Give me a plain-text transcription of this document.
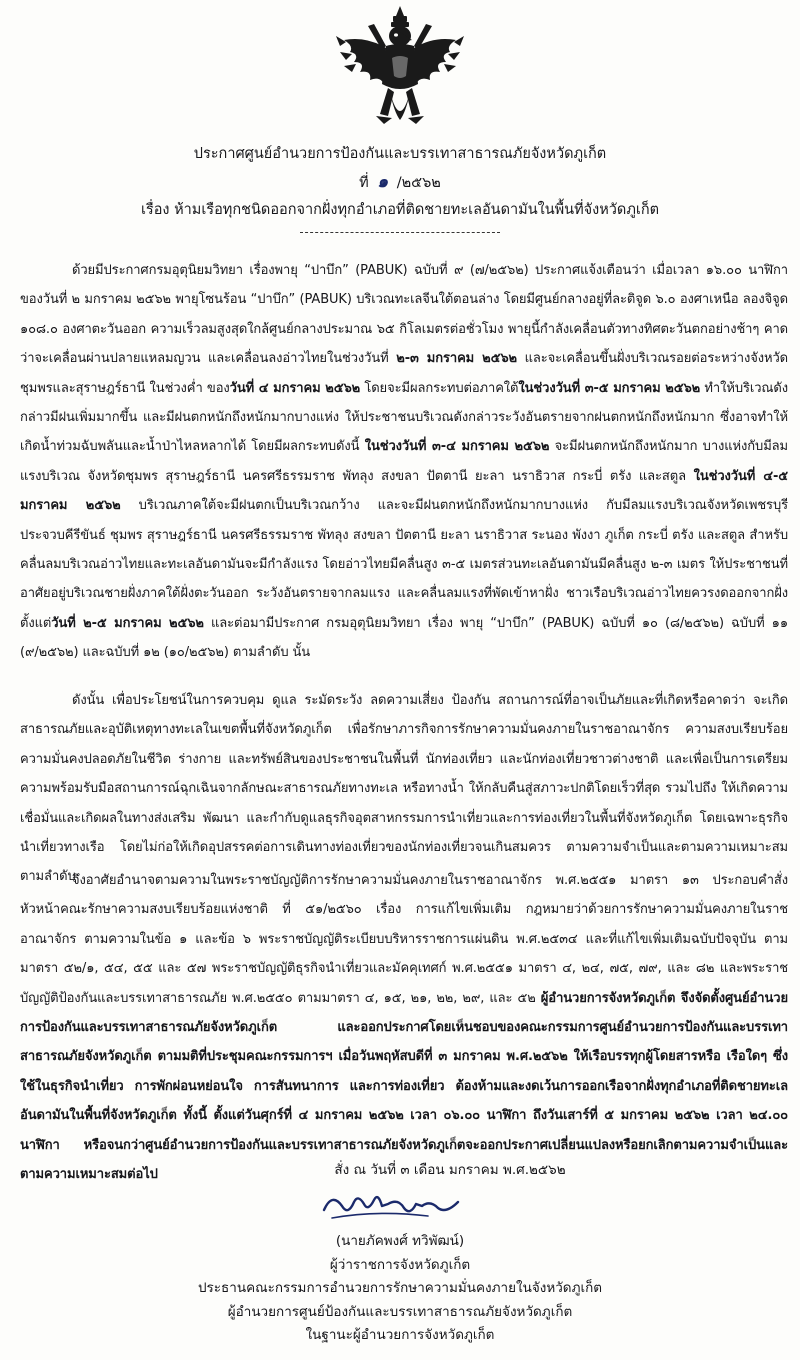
ประกาศศูนย์อำนวยการป้องกันและบรรเทาสาธารณภัยจังหวัดภูเก็ต
ที่ ๑ /๒๕๖๒
เรื่อง ห้ามเรือทุกชนิดออกจากฝั่งทุกอำเภอที่ติดชายทะเลอันดามันในพื้นที่จังหวัดภูเก็ต
ด้วยมีประกาศกรมอุตุนิยมวิทยา เรื่องพายุ “ปาบึก” (PABUK) ฉบับที่ ๙ (๗/๒๕๖๒) ประกาศแจ้งเตือนว่า เมื่อเวลา ๑๖.๐๐ นาฬิกา ของวันที่ ๒ มกราคม ๒๕๖๒ พายุโซนร้อน “ปาบึก” (PABUK) บริเวณทะเลจีนใต้ตอนล่าง โดยมีศูนย์กลางอยู่ที่ละติจูด ๖.๐ องศาเหนือ ลองจิจูด ๑๐๘.๐ องศาตะวันออก ความเร็วลมสูงสุดใกล้ศูนย์กลางประมาณ ๖๕ กิโลเมตรต่อชั่วโมง พายุนี้กำลังเคลื่อนตัวทางทิศตะวันตกอย่างช้าๆ คาดว่าจะเคลื่อนผ่านปลายแหลมญวน และเคลื่อนลงอ่าวไทยในช่วงวันที่ ๒-๓ มกราคม ๒๕๖๒ และจะเคลื่อนขึ้นฝั่งบริเวณรอยต่อระหว่างจังหวัดชุมพรและสุราษฎร์ธานี ในช่วงค่ำ ของวันที่ ๔ มกราคม ๒๕๖๒ โดยจะมีผลกระทบต่อภาคใต้ในช่วงวันที่ ๓-๕ มกราคม ๒๕๖๒ ทำให้บริเวณดังกล่าวมีฝนเพิ่มมากขึ้น และมีฝนตกหนักถึงหนักมากบางแห่ง ให้ประชาชนบริเวณดังกล่าวระวังอันตรายจากฝนตกหนักถึงหนักมาก ซึ่งอาจทำให้เกิดน้ำท่วมฉับพลันและน้ำป่าไหลหลากได้ โดยมีผลกระทบดังนี้ ในช่วงวันที่ ๓-๔ มกราคม ๒๕๖๒ จะมีฝนตกหนักถึงหนักมาก บางแห่งกับมีลมแรงบริเวณ จังหวัดชุมพร สุราษฎร์ธานี นครศรีธรรมราช พัทลุง สงขลา ปัตตานี ยะลา นราธิวาส กระบี่ ตรัง และสตูล ในช่วงวันที่ ๔-๕ มกราคม ๒๕๖๒ บริเวณภาคใต้จะมีฝนตกเป็นบริเวณกว้าง และจะมีฝนตกหนักถึงหนักมากบางแห่ง กับมีลมแรงบริเวณจังหวัดเพชรบุรี ประจวบคีรีขันธ์ ชุมพร สุราษฎร์ธานี นครศรีธรรมราช พัทลุง สงขลา ปัตตานี ยะลา นราธิวาส ระนอง พังงา ภูเก็ต กระบี่ ตรัง และสตูล สำหรับคลื่นลมบริเวณอ่าวไทยและทะเลอันดามันจะมีกำลังแรง โดยอ่าวไทยมีคลื่นสูง ๓-๕ เมตรส่วนทะเลอันดามันมีคลื่นสูง ๒-๓ เมตร ให้ประชาชนที่อาศัยอยู่บริเวณชายฝั่งภาคใต้ฝั่งตะวันออก ระวังอันตรายจากลมแรง และคลื่นลมแรงที่พัดเข้าหาฝั่ง ชาวเรือบริเวณอ่าวไทยควรงดออกจากฝั่งตั้งแต่วันที่ ๒-๕ มกราคม ๒๕๖๒ และต่อมามีประกาศ กรมอุตุนิยมวิทยา เรื่อง พายุ “ปาบึก” (PABUK) ฉบับที่ ๑๐ (๘/๒๕๖๒) ฉบับที่ ๑๑ (๙/๒๕๖๒) และฉบับที่ ๑๒ (๑๐/๒๕๖๒) ตามลำดับ นั้น
ดังนั้น เพื่อประโยชน์ในการควบคุม ดูแล ระมัดระวัง ลดความเสี่ยง ป้องกัน สถานการณ์ที่อาจเป็นภัยและที่เกิดหรือคาดว่า จะเกิดสาธารณภัยและอุบัติเหตุทางทะเลในเขตพื้นที่จังหวัดภูเก็ต เพื่อรักษาภารกิจการรักษาความมั่นคงภายในราชอาณาจักร ความสงบเรียบร้อย ความมั่นคงปลอดภัยในชีวิต ร่างกาย และทรัพย์สินของประชาชนในพื้นที่ นักท่องเที่ยว และนักท่องเที่ยวชาวต่างชาติ และเพื่อเป็นการเตรียมความพร้อมรับมือสถานการณ์ฉุกเฉินจากลักษณะสาธารณภัยทางทะเล หรือทางน้ำ ให้กลับคืนสู่สภาวะปกติโดยเร็วที่สุด รวมไปถึง ให้เกิดความเชื่อมั่นและเกิดผลในทางส่งเสริม พัฒนา และกำกับดูแลธุรกิจอุตสาหกรรมการนำเที่ยวและการท่องเที่ยวในพื้นที่จังหวัดภูเก็ต โดยเฉพาะธุรกิจนำเที่ยวทางเรือ โดยไม่ก่อให้เกิดอุปสรรคต่อการเดินทางท่องเที่ยวของนักท่องเที่ยวจนเกินสมควร ตามความจำเป็นและตามความเหมาะสมตามลำดับ
จึงอาศัยอำนาจตามความในพระราชบัญญัติการรักษาความมั่นคงภายในราชอาณาจักร พ.ศ.๒๕๕๑ มาตรา ๑๓ ประกอบคำสั่งหัวหน้าคณะรักษาความสงบเรียบร้อยแห่งชาติ ที่ ๕๑/๒๕๖๐ เรื่อง การแก้ไขเพิ่มเติม กฎหมายว่าด้วยการรักษาความมั่นคงภายในราชอาณาจักร ตามความในข้อ ๑ และข้อ ๖ พระราชบัญญัติระเบียบบริหารราชการแผ่นดิน พ.ศ.๒๕๓๔ และที่แก้ไขเพิ่มเติมฉบับปัจจุบัน ตามมาตรา ๕๒/๑, ๕๔, ๕๕ และ ๕๗ พระราชบัญญัติธุรกิจนำเที่ยวและมัคคุเทศก์ พ.ศ.๒๕๕๑ มาตรา ๔, ๒๔, ๗๕, ๗๙, และ ๘๒ และพระราชบัญญัติป้องกันและบรรเทาสาธารณภัย พ.ศ.๒๕๕๐ ตามมาตรา ๔, ๑๕, ๒๑, ๒๒, ๒๙, และ ๕๒ ผู้อำนวยการจังหวัดภูเก็ต จึงจัดตั้งศูนย์อำนวยการป้องกันและบรรเทาสาธารณภัยจังหวัดภูเก็ต และออกประกาศโดยเห็นชอบของคณะกรรมการศูนย์อำนวยการป้องกันและบรรเทาสาธารณภัยจังหวัดภูเก็ต ตามมติที่ประชุมคณะกรรมการฯ เมื่อวันพฤหัสบดีที่ ๓ มกราคม พ.ศ.๒๕๖๒ ให้เรือบรรทุกผู้โดยสารหรือ เรือใดๆ ซึ่งใช้ในธุรกิจนำเที่ยว การพักผ่อนหย่อนใจ การสันทนาการ และการท่องเที่ยว ต้องห้ามและงดเว้นการออกเรือจากฝั่งทุกอำเภอที่ติดชายทะเลอันดามันในพื้นที่จังหวัดภูเก็ต ทั้งนี้ ตั้งแต่วันศุกร์ที่ ๔ มกราคม ๒๕๖๒ เวลา ๐๖.๐๐ นาฬิกา ถึงวันเสาร์ที่ ๕ มกราคม ๒๕๖๒ เวลา ๒๔.๐๐ นาฬิกา หรือจนกว่าศูนย์อำนวยการป้องกันและบรรเทาสาธารณภัยจังหวัดภูเก็ตจะออกประกาศเปลี่ยนแปลงหรือยกเลิกตามความจำเป็นและตามความเหมาะสมต่อไป	สั่ง ณ วันที่ ๓ เดือน มกราคม พ.ศ.๒๕๖๒
(นายภัคพงศ์ ทวิพัฒน์)
ผู้ว่าราชการจังหวัดภูเก็ต
ประธานคณะกรรมการอำนวยการรักษาความมั่นคงภายในจังหวัดภูเก็ต
ผู้อำนวยการศูนย์ป้องกันและบรรเทาสาธารณภัยจังหวัดภูเก็ต
ในฐานะผู้อำนวยการจังหวัดภูเก็ต
